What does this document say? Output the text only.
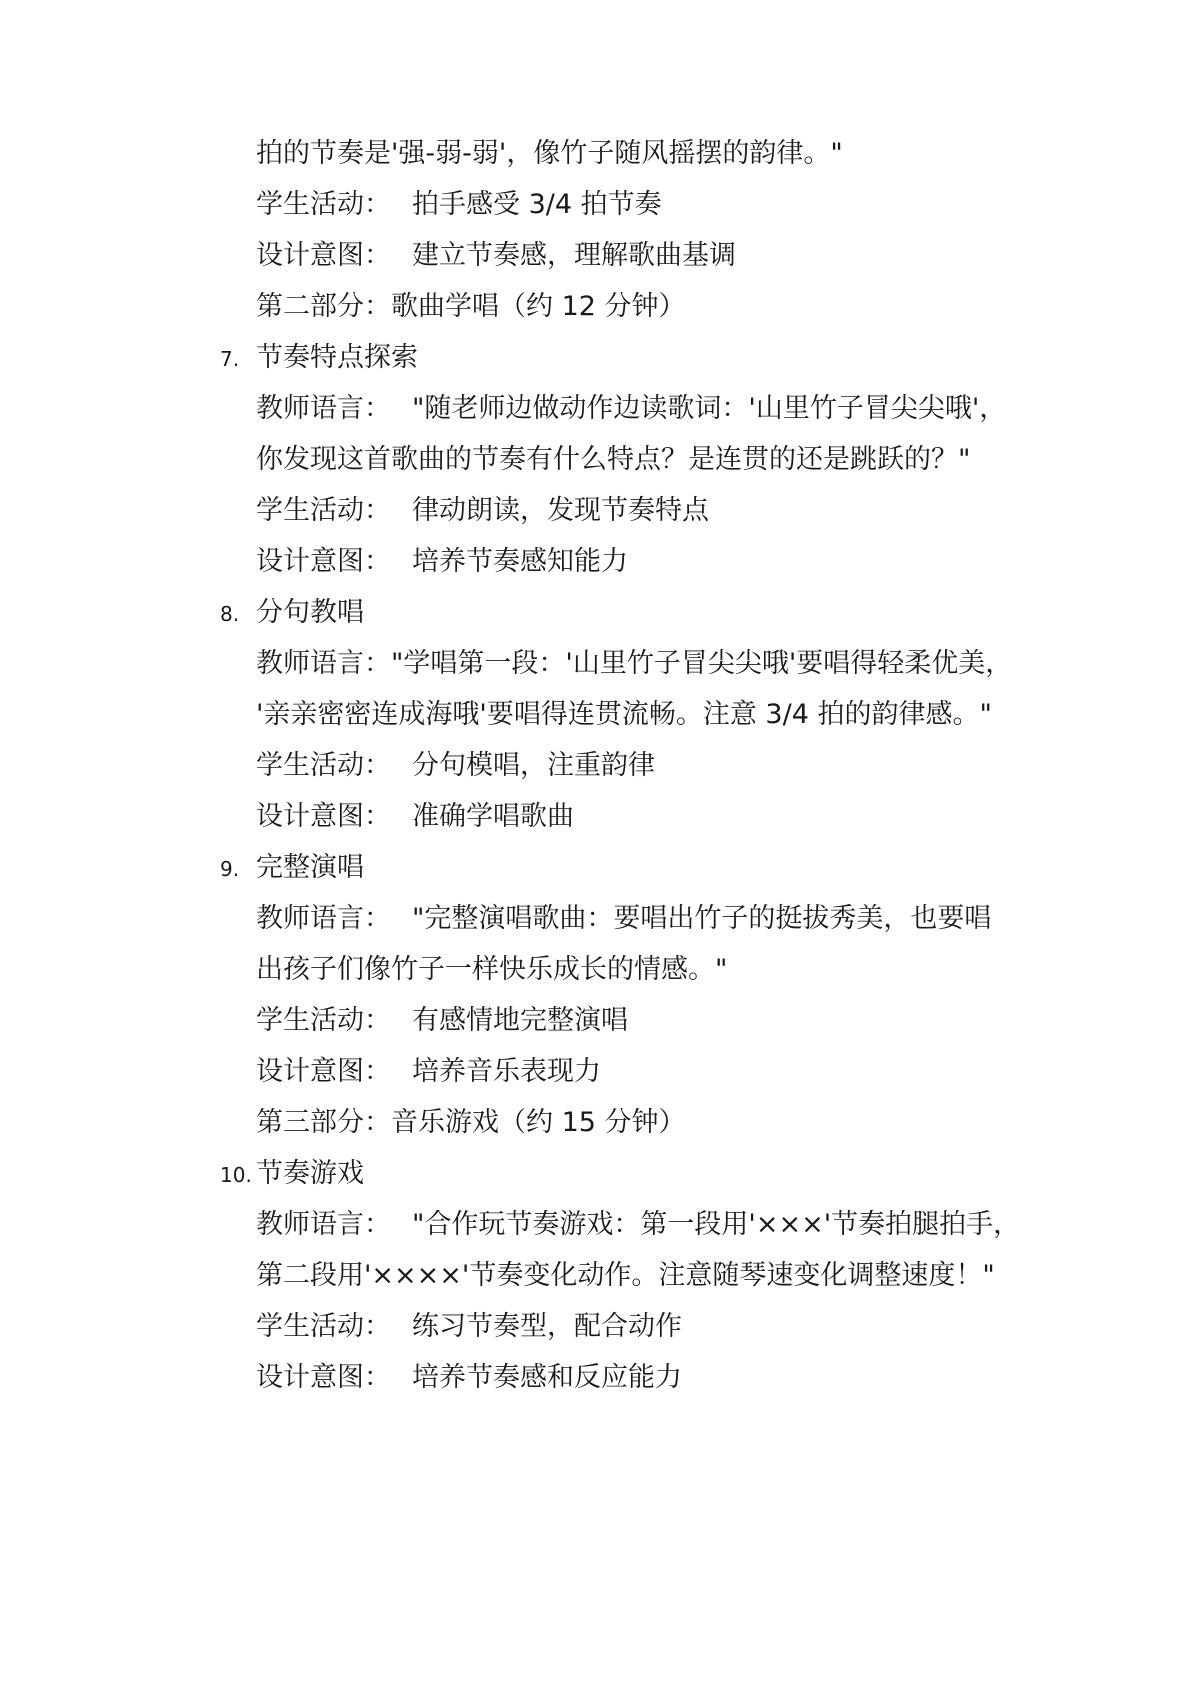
拍的节奏是'强-弱-弱'，像竹子随风摇摆的韵律。"
学生活动： 拍手感受 3/4 拍节奏
设计意图： 建立节奏感，理解歌曲基调
第二部分：歌曲学唱（约 12 分钟）
7. 节奏特点探索
教师语言： "随老师边做动作边读歌词：'山里竹子冒尖尖哦'，
你发现这首歌曲的节奏有什么特点？是连贯的还是跳跃的？"
学生活动： 律动朗读，发现节奏特点
设计意图： 培养节奏感知能力
8. 分句教唱
教师语言："学唱第一段：'山里竹子冒尖尖哦'要唱得轻柔优美，
'亲亲密密连成海哦'要唱得连贯流畅。注意 3/4 拍的韵律感。"
学生活动： 分句模唱，注重韵律
设计意图： 准确学唱歌曲
9. 完整演唱
教师语言： "完整演唱歌曲：要唱出竹子的挺拔秀美，也要唱
出孩子们像竹子一样快乐成长的情感。"
学生活动： 有感情地完整演唱
设计意图： 培养音乐表现力
第三部分：音乐游戏（约 15 分钟）
10. 节奏游戏
教师语言： "合作玩节奏游戏：第一段用'×××'节奏拍腿拍手，
第二段用'××××'节奏变化动作。注意随琴速变化调整速度！"
学生活动： 练习节奏型，配合动作
设计意图： 培养节奏感和反应能力
